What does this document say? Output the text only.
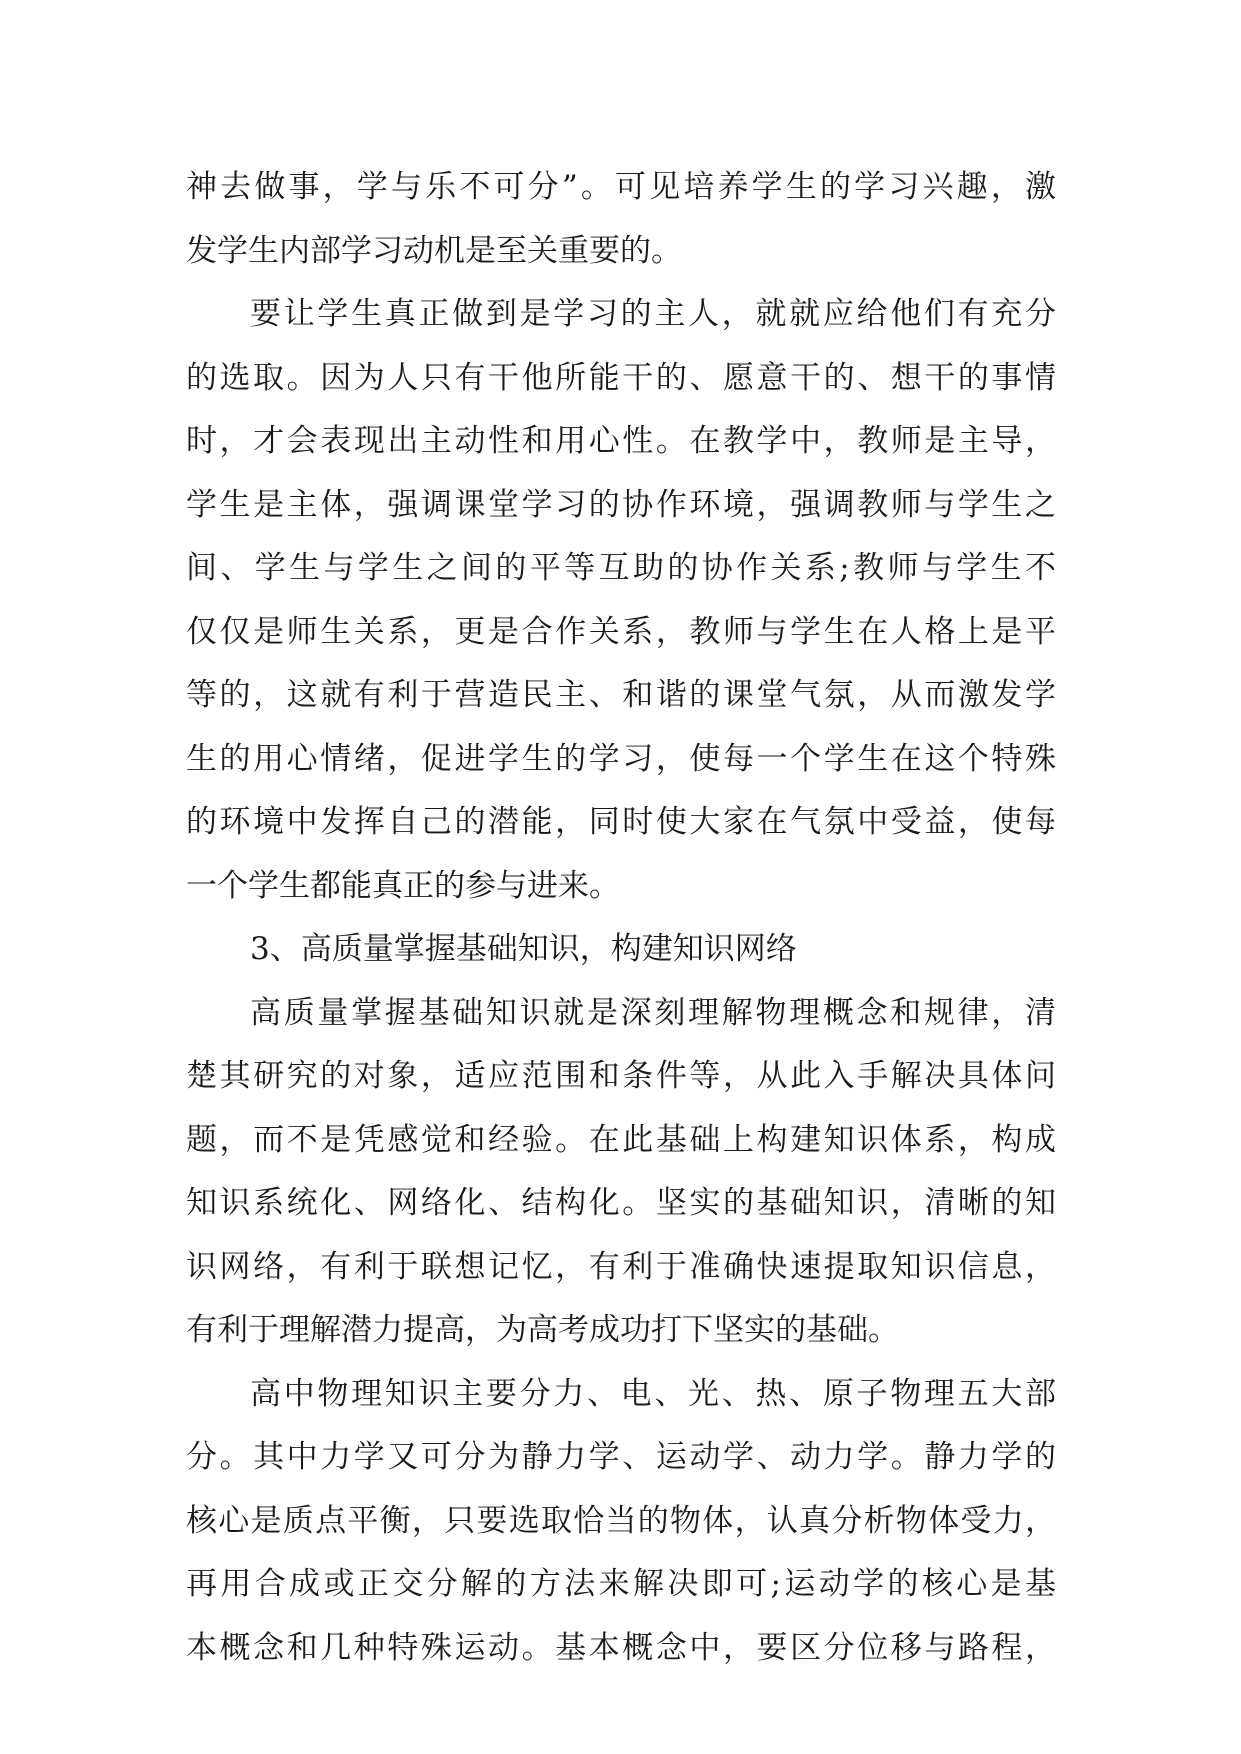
神去做事，学与乐不可分”。可见培养学生的学习兴趣，激
发学生内部学习动机是至关重要的。
要让学生真正做到是学习的主人，就就应给他们有充分
的选取。因为人只有干他所能干的、愿意干的、想干的事情
时，才会表现出主动性和用心性。在教学中，教师是主导，
学生是主体，强调课堂学习的协作环境，强调教师与学生之
间、学生与学生之间的平等互助的协作关系;教师与学生不
仅仅是师生关系，更是合作关系，教师与学生在人格上是平
等的，这就有利于营造民主、和谐的课堂气氛，从而激发学
生的用心情绪，促进学生的学习，使每一个学生在这个特殊
的环境中发挥自己的潜能，同时使大家在气氛中受益，使每
一个学生都能真正的参与进来。
3、高质量掌握基础知识，构建知识网络
高质量掌握基础知识就是深刻理解物理概念和规律，清
楚其研究的对象，适应范围和条件等，从此入手解决具体问
题，而不是凭感觉和经验。在此基础上构建知识体系，构成
知识系统化、网络化、结构化。坚实的基础知识，清晰的知
识网络，有利于联想记忆，有利于准确快速提取知识信息，
有利于理解潜力提高，为高考成功打下坚实的基础。
高中物理知识主要分力、电、光、热、原子物理五大部
分。其中力学又可分为静力学、运动学、动力学。静力学的
核心是质点平衡，只要选取恰当的物体，认真分析物体受力，
再用合成或正交分解的方法来解决即可;运动学的核心是基
本概念和几种特殊运动。基本概念中，要区分位移与路程，
